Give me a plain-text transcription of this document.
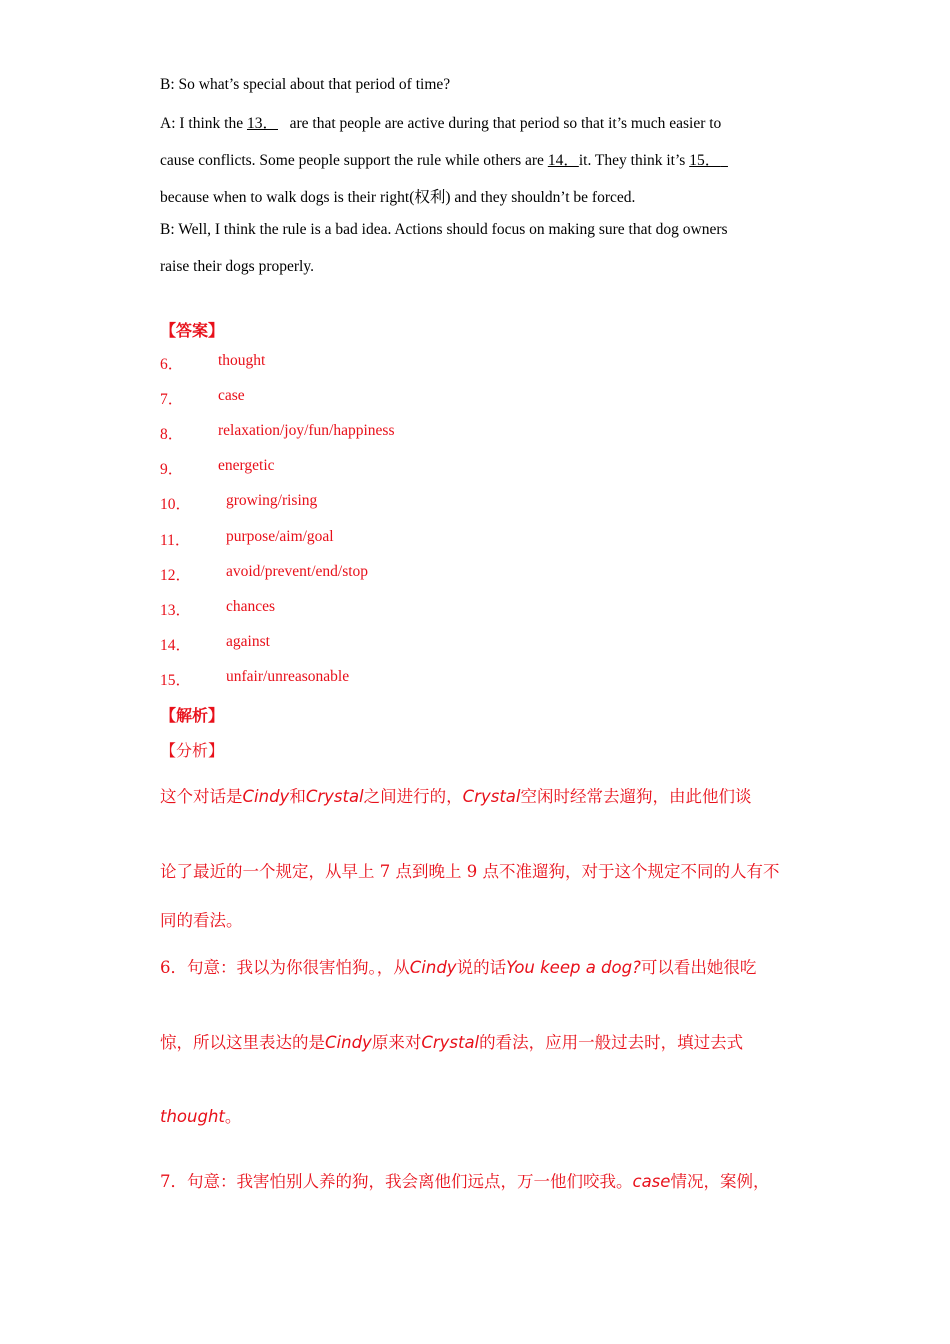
B: So what’s special about that period of time?
A: I think the 13．   are that people are active during that period so that it’s much easier to
cause conflicts. Some people support the rule while others are 14．it. They think it’s 15．
because when to walk dogs is their right(权利) and they shouldn’t be forced.
B: Well, I think the rule is a bad idea. Actions should focus on making sure that dog owners
raise their dogs properly.
【答案】
6． thought
7． case
8． relaxation/joy/fun/happiness
9． energetic
10． growing/rising
11． purpose/aim/goal
12． avoid/prevent/end/stop
13． chances
14． against
15． unfair/unreasonable
【解析】
【分析】
这个对话是Cindy和Crystal之间进行的，Crystal空闲时经常去遛狗，由此他们谈
论了最近的一个规定，从早上 7 点到晚上 9 点不准遛狗，对于这个规定不同的人有不
同的看法。
6．句意：我以为你很害怕狗。，从Cindy说的话You keep a dog?可以看出她很吃
惊，所以这里表达的是Cindy原来对Crystal的看法，应用一般过去时，填过去式
thought。
7．句意：我害怕别人养的狗，我会离他们远点，万一他们咬我。case情况，案例，
